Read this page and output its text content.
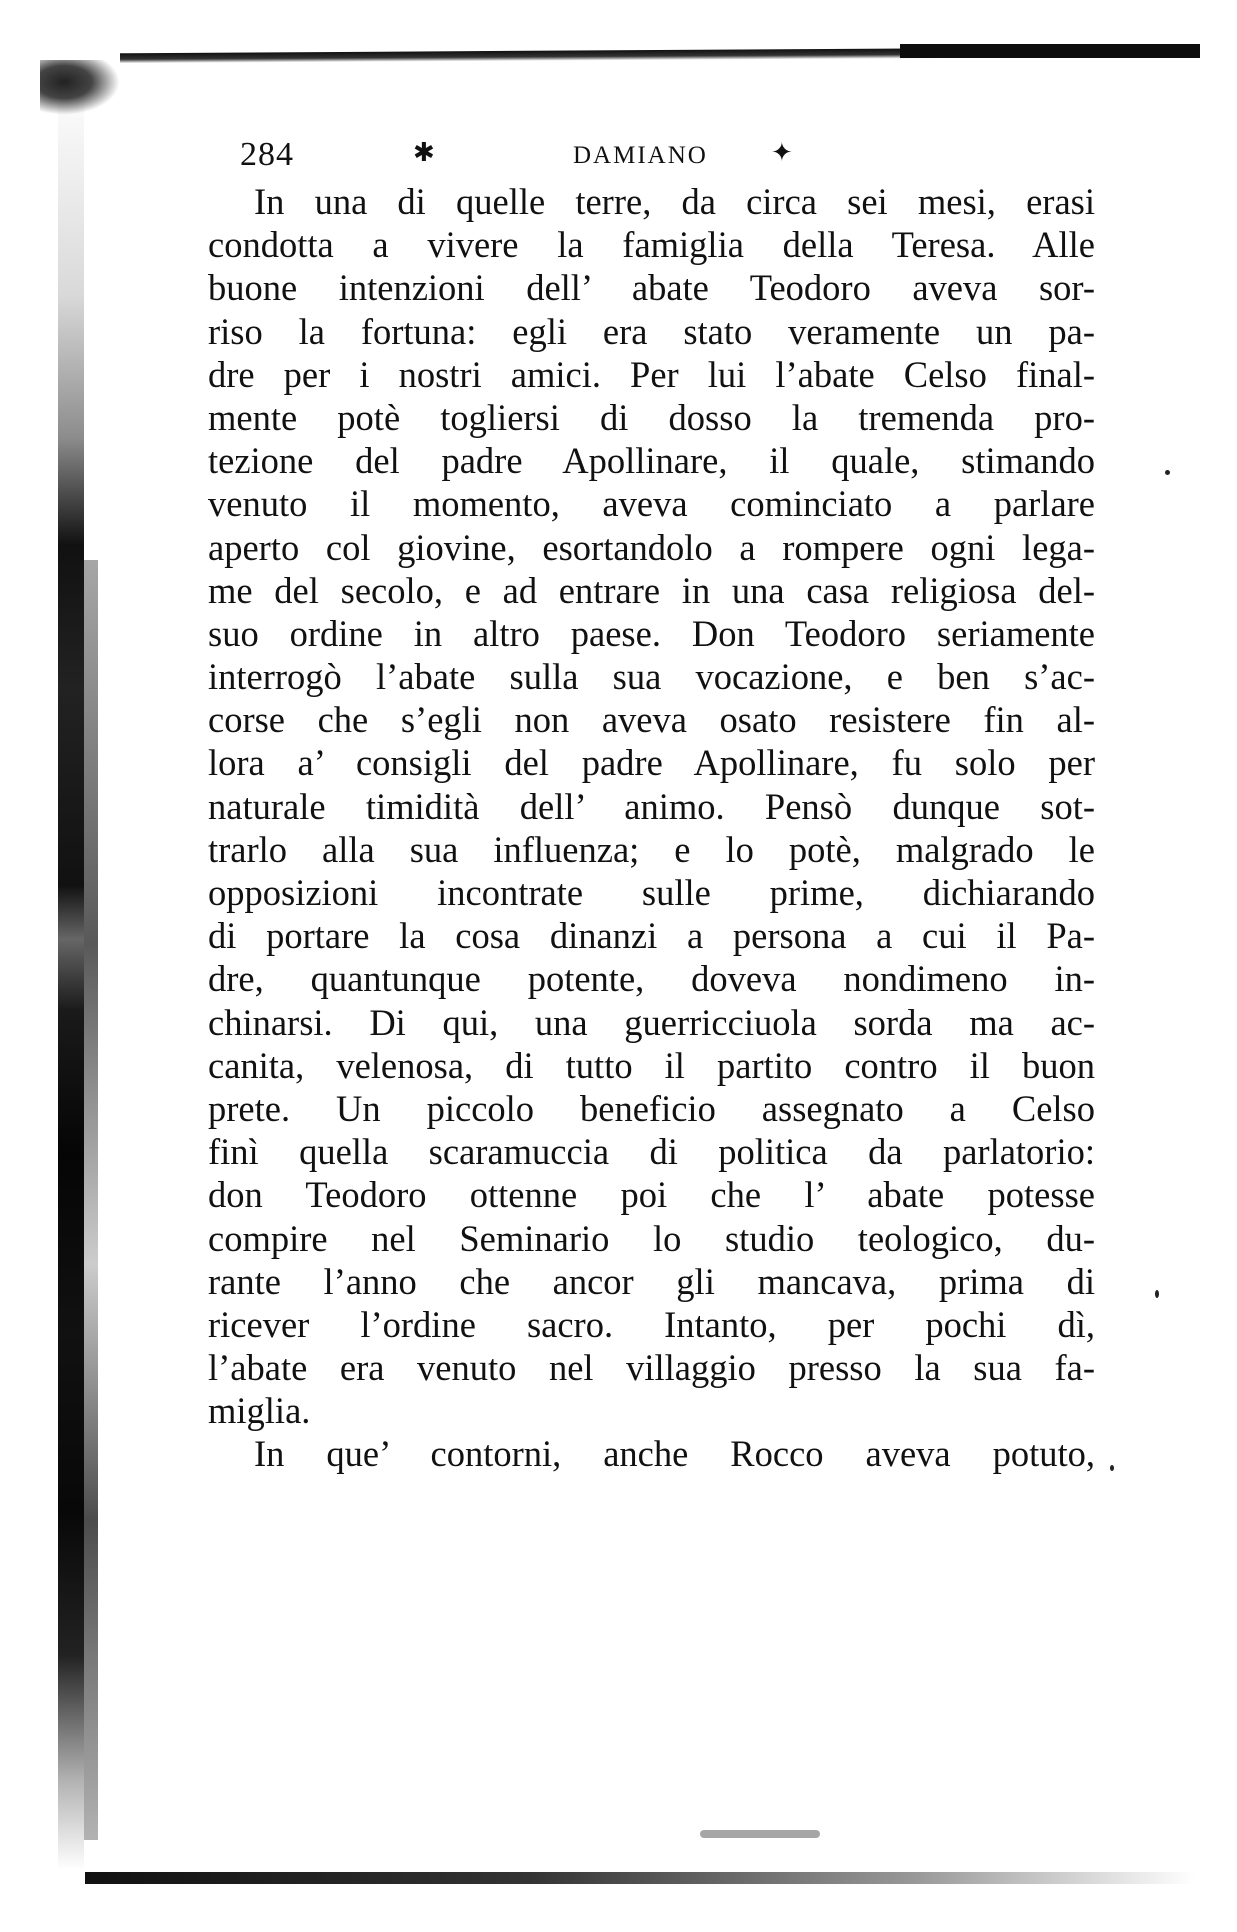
284	✱	DAMIANO ✦
In una di quelle terre, da circa sei mesi, erasi
condotta a vivere la famiglia della Teresa. Alle
buone intenzioni dell’ abate Teodoro aveva sor-
riso la fortuna: egli era stato veramente un pa-
dre per i nostri amici. Per lui l’abate Celso final-
mente potè togliersi di dosso la tremenda pro-
tezione del padre Apollinare, il quale, stimando
venuto il momento, aveva cominciato a parlare
aperto col giovine, esortandolo a rompere ogni lega-
me del secolo, e ad entrare in una casa religiosa del-
suo ordine in altro paese. Don Teodoro seriamente
interrogò l’abate sulla sua vocazione, e ben s’ac-
corse che s’egli non aveva osato resistere fin al-
lora a’ consigli del padre Apollinare, fu solo per
naturale timidità dell’ animo. Pensò dunque sot-
trarlo alla sua influenza; e lo potè, malgrado le
opposizioni incontrate sulle prime, dichiarando
di portare la cosa dinanzi a persona a cui il Pa-
dre, quantunque potente, doveva nondimeno in-
chinarsi. Di qui, una guerricciuola sorda ma ac-
canita, velenosa, di tutto il partito contro il buon
prete. Un piccolo beneficio assegnato a Celso
finì quella scaramuccia di politica da parlatorio:
don Teodoro ottenne poi che l’ abate potesse
compire nel Seminario lo studio teologico, du-
rante l’anno che ancor gli mancava, prima di
ricever l’ordine sacro. Intanto, per pochi dì,
l’abate era venuto nel villaggio presso la sua fa-
miglia.
In que’ contorni, anche Rocco aveva potuto,
